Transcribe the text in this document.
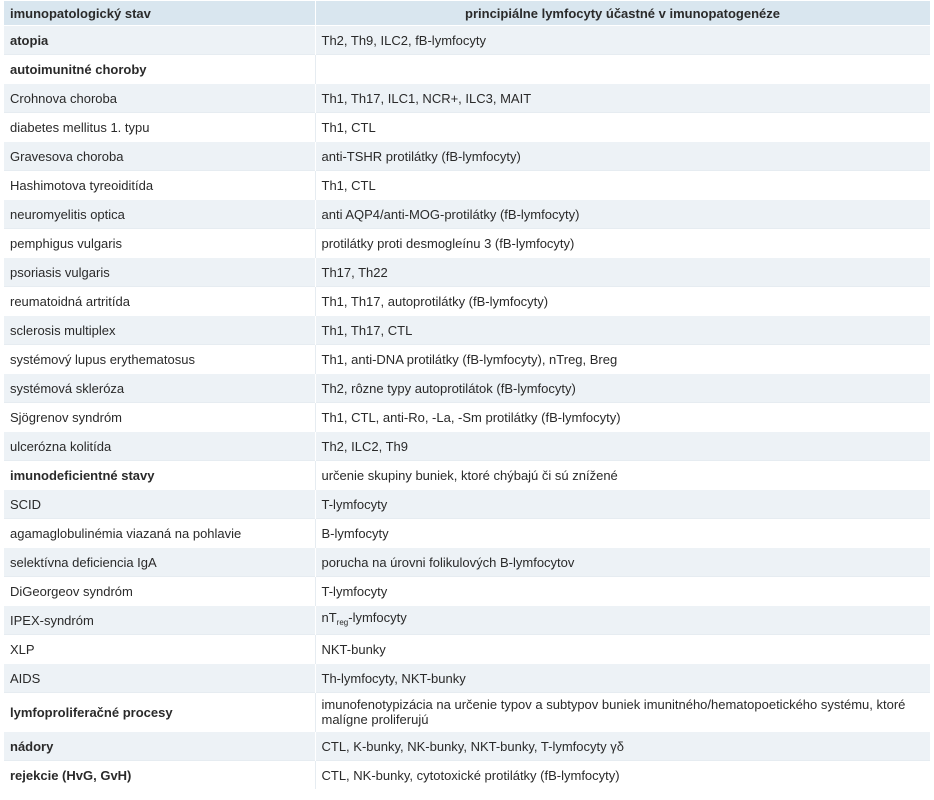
imunopatologický stav	principiálne lymfocyty účastné v imunopatogenéze
atopia	Th2, Th9, ILC2, fB-lymfocyty
autoimunitné choroby	
Crohnova choroba	Th1, Th17, ILC1, NCR+, ILC3, MAIT
diabetes mellitus 1. typu	Th1, CTL
Gravesova choroba	anti-TSHR protilátky (fB-lymfocyty)
Hashimotova tyreoiditída	Th1, CTL
neuromyelitis optica	anti AQP4/anti-MOG-protilátky (fB-lymfocyty)
pemphigus vulgaris	protilátky proti desmogleínu 3 (fB-lymfocyty)
psoriasis vulgaris	Th17, Th22
reumatoidná artritída	Th1, Th17, autoprotilátky (fB-lymfocyty)
sclerosis multiplex	Th1, Th17, CTL
systémový lupus erythematosus	Th1, anti-DNA protilátky (fB-lymfocyty), nTreg, Breg
systémová skleróza	Th2, rôzne typy autoprotilátok (fB-lymfocyty)
Sjögrenov syndróm	Th1, CTL, anti-Ro, -La, -Sm protilátky (fB-lymfocyty)
ulcerózna kolitída	Th2, ILC2, Th9
imunodeficientné stavy	určenie skupiny buniek, ktoré chýbajú či sú znížené
SCID	T-lymfocyty
agamaglobulinémia viazaná na pohlavie	B-lymfocyty
selektívna deficiencia IgA	porucha na úrovni folikulových B-lymfocytov
DiGeorgeov syndróm	T-lymfocyty
IPEX-syndróm	$nT_{reg}$-lymfocyty
XLP	NKT-bunky
AIDS	Th-lymfocyty, NKT-bunky
lymfoproliferačné procesy	imunofenotypizácia na určenie typov a subtypov buniek imunitného/hematopoetického systému, ktoré malígne proliferujú
nádory	CTL, K-bunky, NK-bunky, NKT-bunky, T-lymfocyty γδ
rejekcie (HvG, GvH)	CTL, NK-bunky, cytotoxické protilátky (fB-lymfocyty)
